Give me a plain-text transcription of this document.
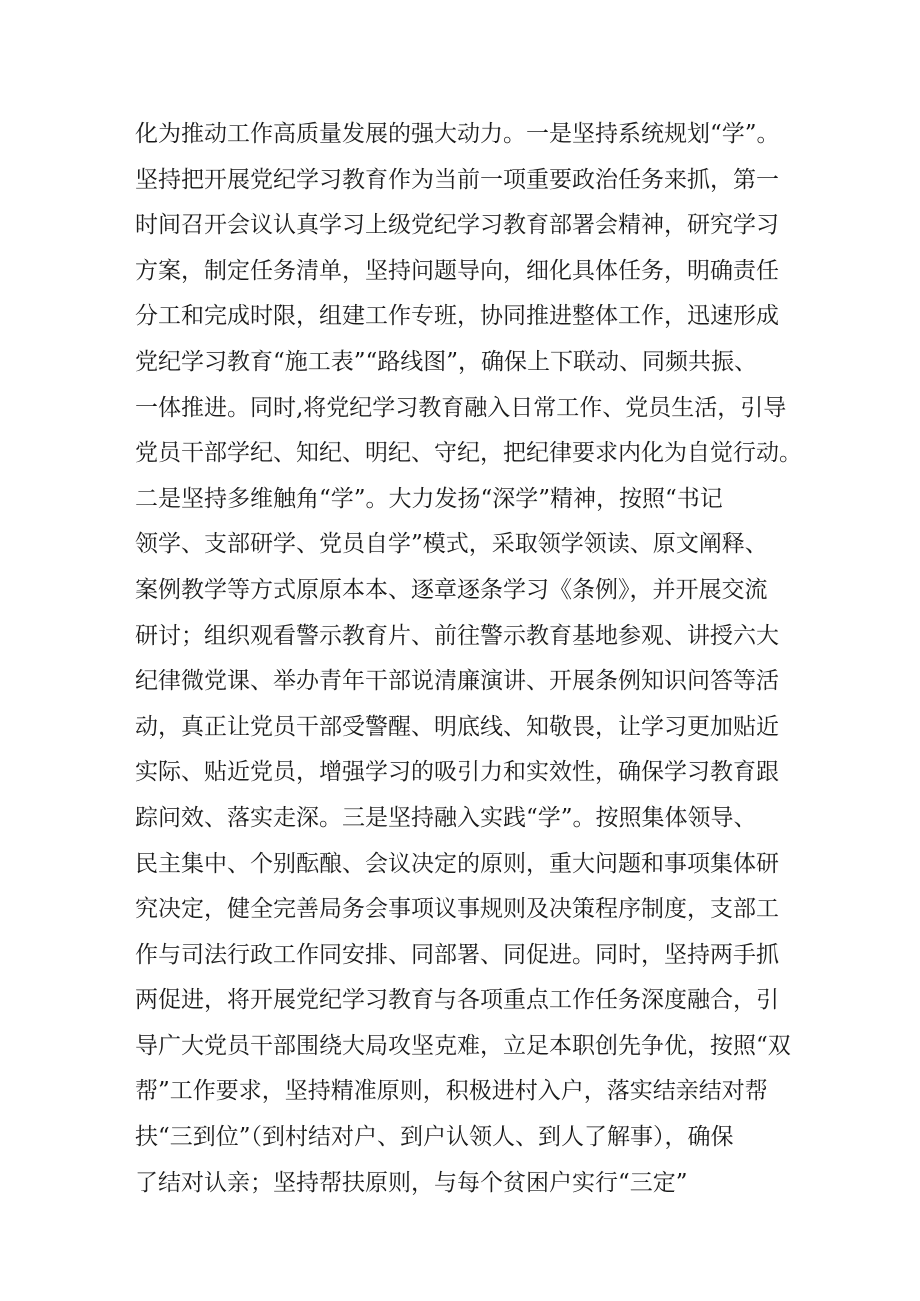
化为推动工作高质量发展的强大动力。一是坚持系统规划“学”。
坚持把开展党纪学习教育作为当前一项重要政治任务来抓，第一
时间召开会议认真学习上级党纪学习教育部署会精神，研究学习
方案，制定任务清单，坚持问题导向，细化具体任务，明确责任
分工和完成时限，组建工作专班，协同推进整体工作，迅速形成
党纪学习教育“施工表”“路线图”，确保上下联动、同频共振、
一体推进。同时,将党纪学习教育融入日常工作、党员生活，引导
党员干部学纪、知纪、明纪、守纪，把纪律要求内化为自觉行动。
二是坚持多维触角“学”。大力发扬“深学”精神，按照“书记
领学、支部研学、党员自学”模式，采取领学领读、原文阐释、
案例教学等方式原原本本、逐章逐条学习《条例》，并开展交流
研讨；组织观看警示教育片、前往警示教育基地参观、讲授六大
纪律微党课、举办青年干部说清廉演讲、开展条例知识问答等活
动，真正让党员干部受警醒、明底线、知敬畏，让学习更加贴近
实际、贴近党员，增强学习的吸引力和实效性，确保学习教育跟
踪问效、落实走深。三是坚持融入实践“学”。按照集体领导、
民主集中、个别酝酿、会议决定的原则，重大问题和事项集体研
究决定，健全完善局务会事项议事规则及决策程序制度，支部工
作与司法行政工作同安排、同部署、同促进。同时，坚持两手抓
两促进，将开展党纪学习教育与各项重点工作任务深度融合，引
导广大党员干部围绕大局攻坚克难，立足本职创先争优，按照“双
帮”工作要求，坚持精准原则，积极进村入户，落实结亲结对帮
扶“三到位”（到村结对户、到户认领人、到人了解事），确保
了结对认亲；坚持帮扶原则，与每个贫困户实行“三定”
